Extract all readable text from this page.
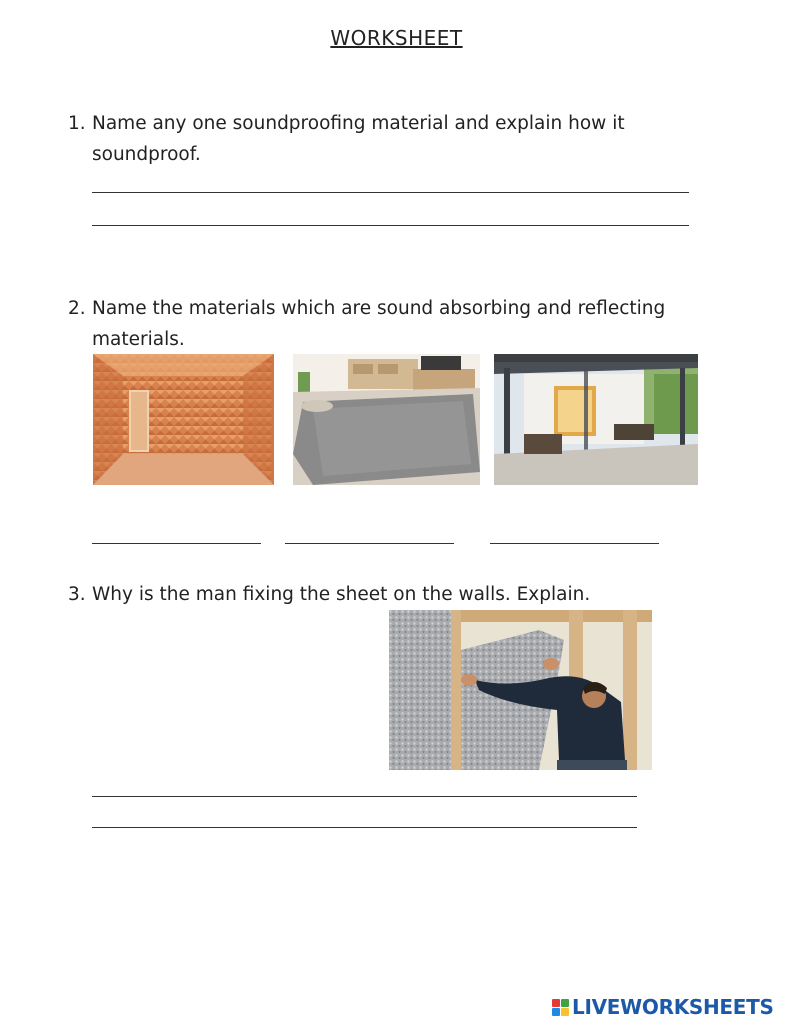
WORKSHEET
1. Name any one soundproofing material and explain how it
soundproof.
2. Name the materials which are sound absorbing and reflecting
materials.
3. Why is the man fixing the sheet on the walls. Explain.
LIVEWORKSHEETS
